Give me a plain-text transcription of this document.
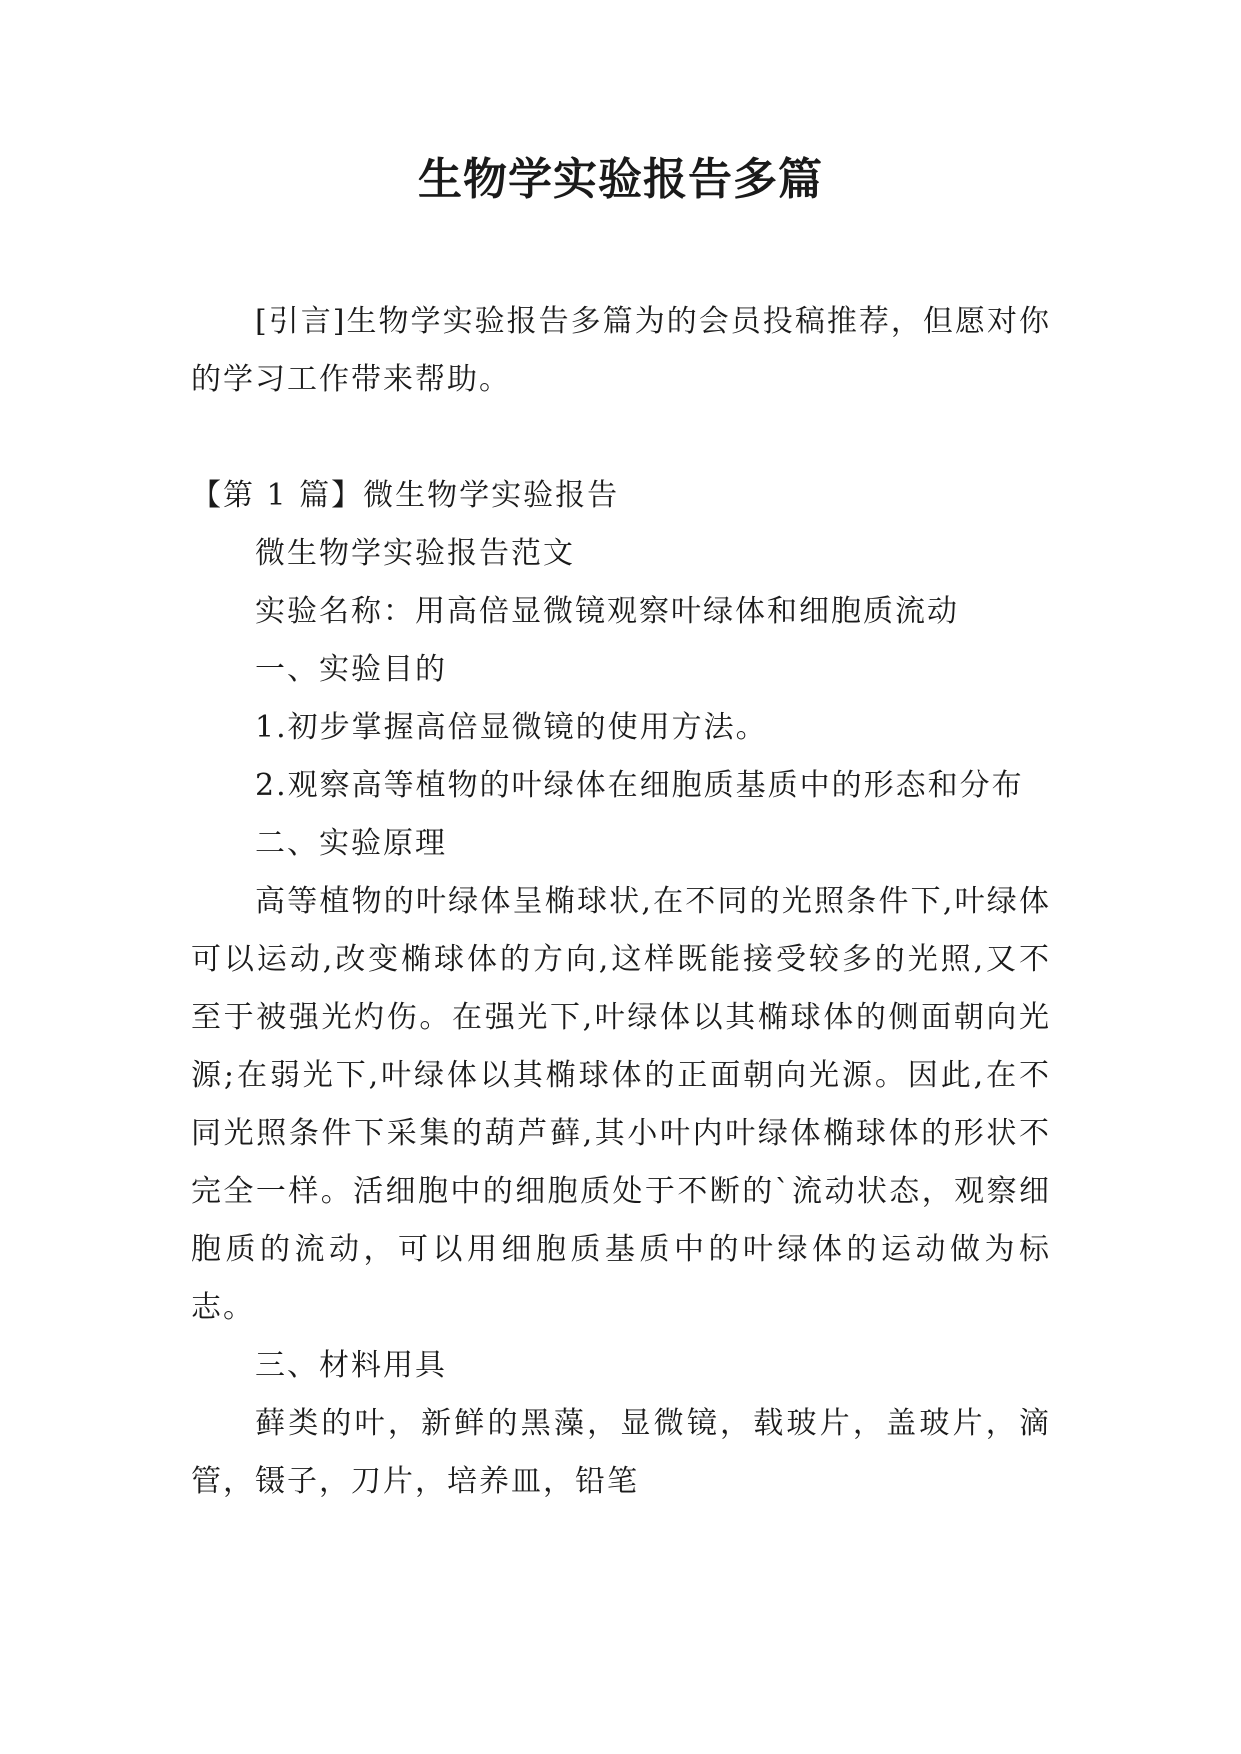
生物学实验报告多篇

[引言]生物学实验报告多篇为的会员投稿推荐，但愿对你的学习工作带来帮助。

【第 1 篇】微生物学实验报告

微生物学实验报告范文

实验名称：用高倍显微镜观察叶绿体和细胞质流动

一、实验目的

1.初步掌握高倍显微镜的使用方法。

2.观察高等植物的叶绿体在细胞质基质中的形态和分布

二、实验原理

高等植物的叶绿体呈椭球状,在不同的光照条件下,叶绿体可以运动,改变椭球体的方向,这样既能接受较多的光照,又不至于被强光灼伤。在强光下,叶绿体以其椭球体的侧面朝向光源;在弱光下,叶绿体以其椭球体的正面朝向光源。因此,在不同光照条件下采集的葫芦藓,其小叶内叶绿体椭球体的形状不完全一样。活细胞中的细胞质处于不断的`流动状态，观察细胞质的流动，可以用细胞质基质中的叶绿体的运动做为标志。

三、材料用具

藓类的叶，新鲜的黑藻，显微镜，载玻片，盖玻片，滴管，镊子，刀片，培养皿，铅笔
